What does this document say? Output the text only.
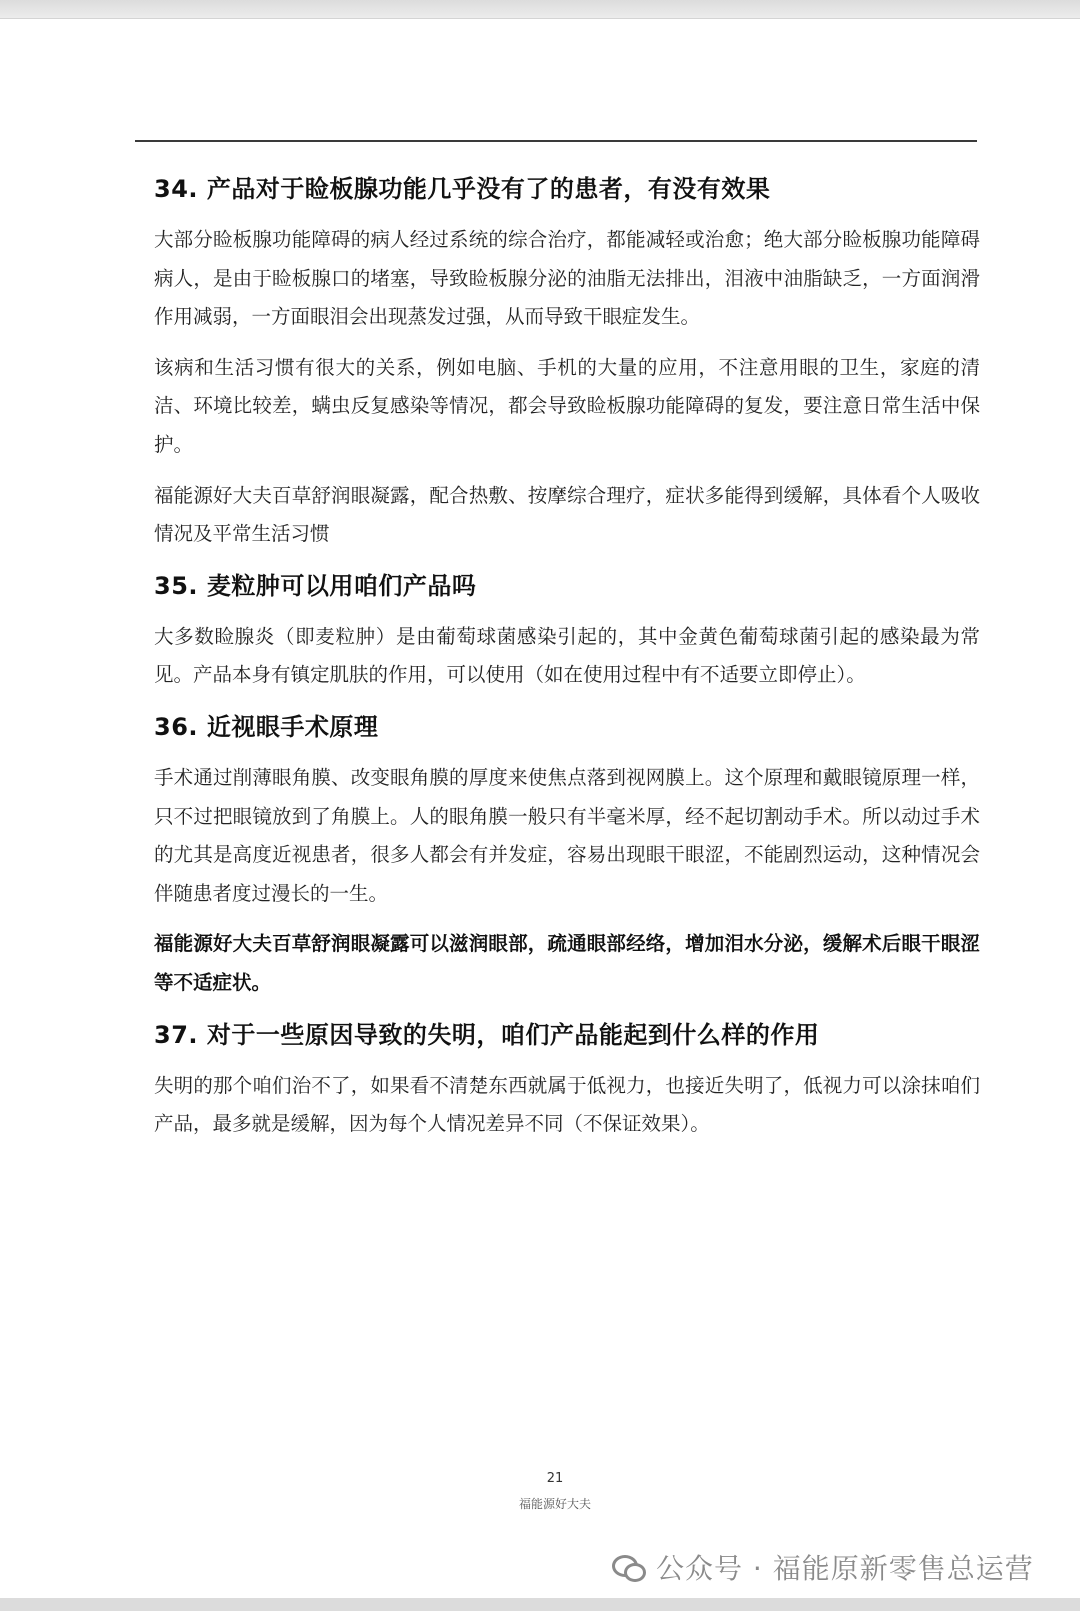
34. 产品对于睑板腺功能几乎没有了的患者，有没有效果

大部分睑板腺功能障碍的病人经过系统的综合治疗，都能减轻或治愈；绝大部分睑板腺功能障碍病人，是由于睑板腺口的堵塞，导致睑板腺分泌的油脂无法排出，泪液中油脂缺乏，一方面润滑作用减弱，一方面眼泪会出现蒸发过强，从而导致干眼症发生。

该病和生活习惯有很大的关系，例如电脑、手机的大量的应用，不注意用眼的卫生，家庭的清洁、环境比较差，螨虫反复感染等情况，都会导致睑板腺功能障碍的复发，要注意日常生活中保护。

福能源好大夫百草舒润眼凝露，配合热敷、按摩综合理疗，症状多能得到缓解，具体看个人吸收情况及平常生活习惯

35. 麦粒肿可以用咱们产品吗

大多数睑腺炎（即麦粒肿）是由葡萄球菌感染引起的，其中金黄色葡萄球菌引起的感染最为常见。产品本身有镇定肌肤的作用，可以使用（如在使用过程中有不适要立即停止）。

36. 近视眼手术原理

手术通过削薄眼角膜、改变眼角膜的厚度来使焦点落到视网膜上。这个原理和戴眼镜原理一样，只不过把眼镜放到了角膜上。人的眼角膜一般只有半毫米厚，经不起切割动手术。所以动过手术的尤其是高度近视患者，很多人都会有并发症，容易出现眼干眼涩，不能剧烈运动，这种情况会伴随患者度过漫长的一生。

福能源好大夫百草舒润眼凝露可以滋润眼部，疏通眼部经络，增加泪水分泌，缓解术后眼干眼涩等不适症状。

37. 对于一些原因导致的失明，咱们产品能起到什么样的作用

失明的那个咱们治不了，如果看不清楚东西就属于低视力，也接近失明了，低视力可以涂抹咱们产品，最多就是缓解，因为每个人情况差异不同（不保证效果）。

21
福能源好大夫
公众号 · 福能原新零售总运营
